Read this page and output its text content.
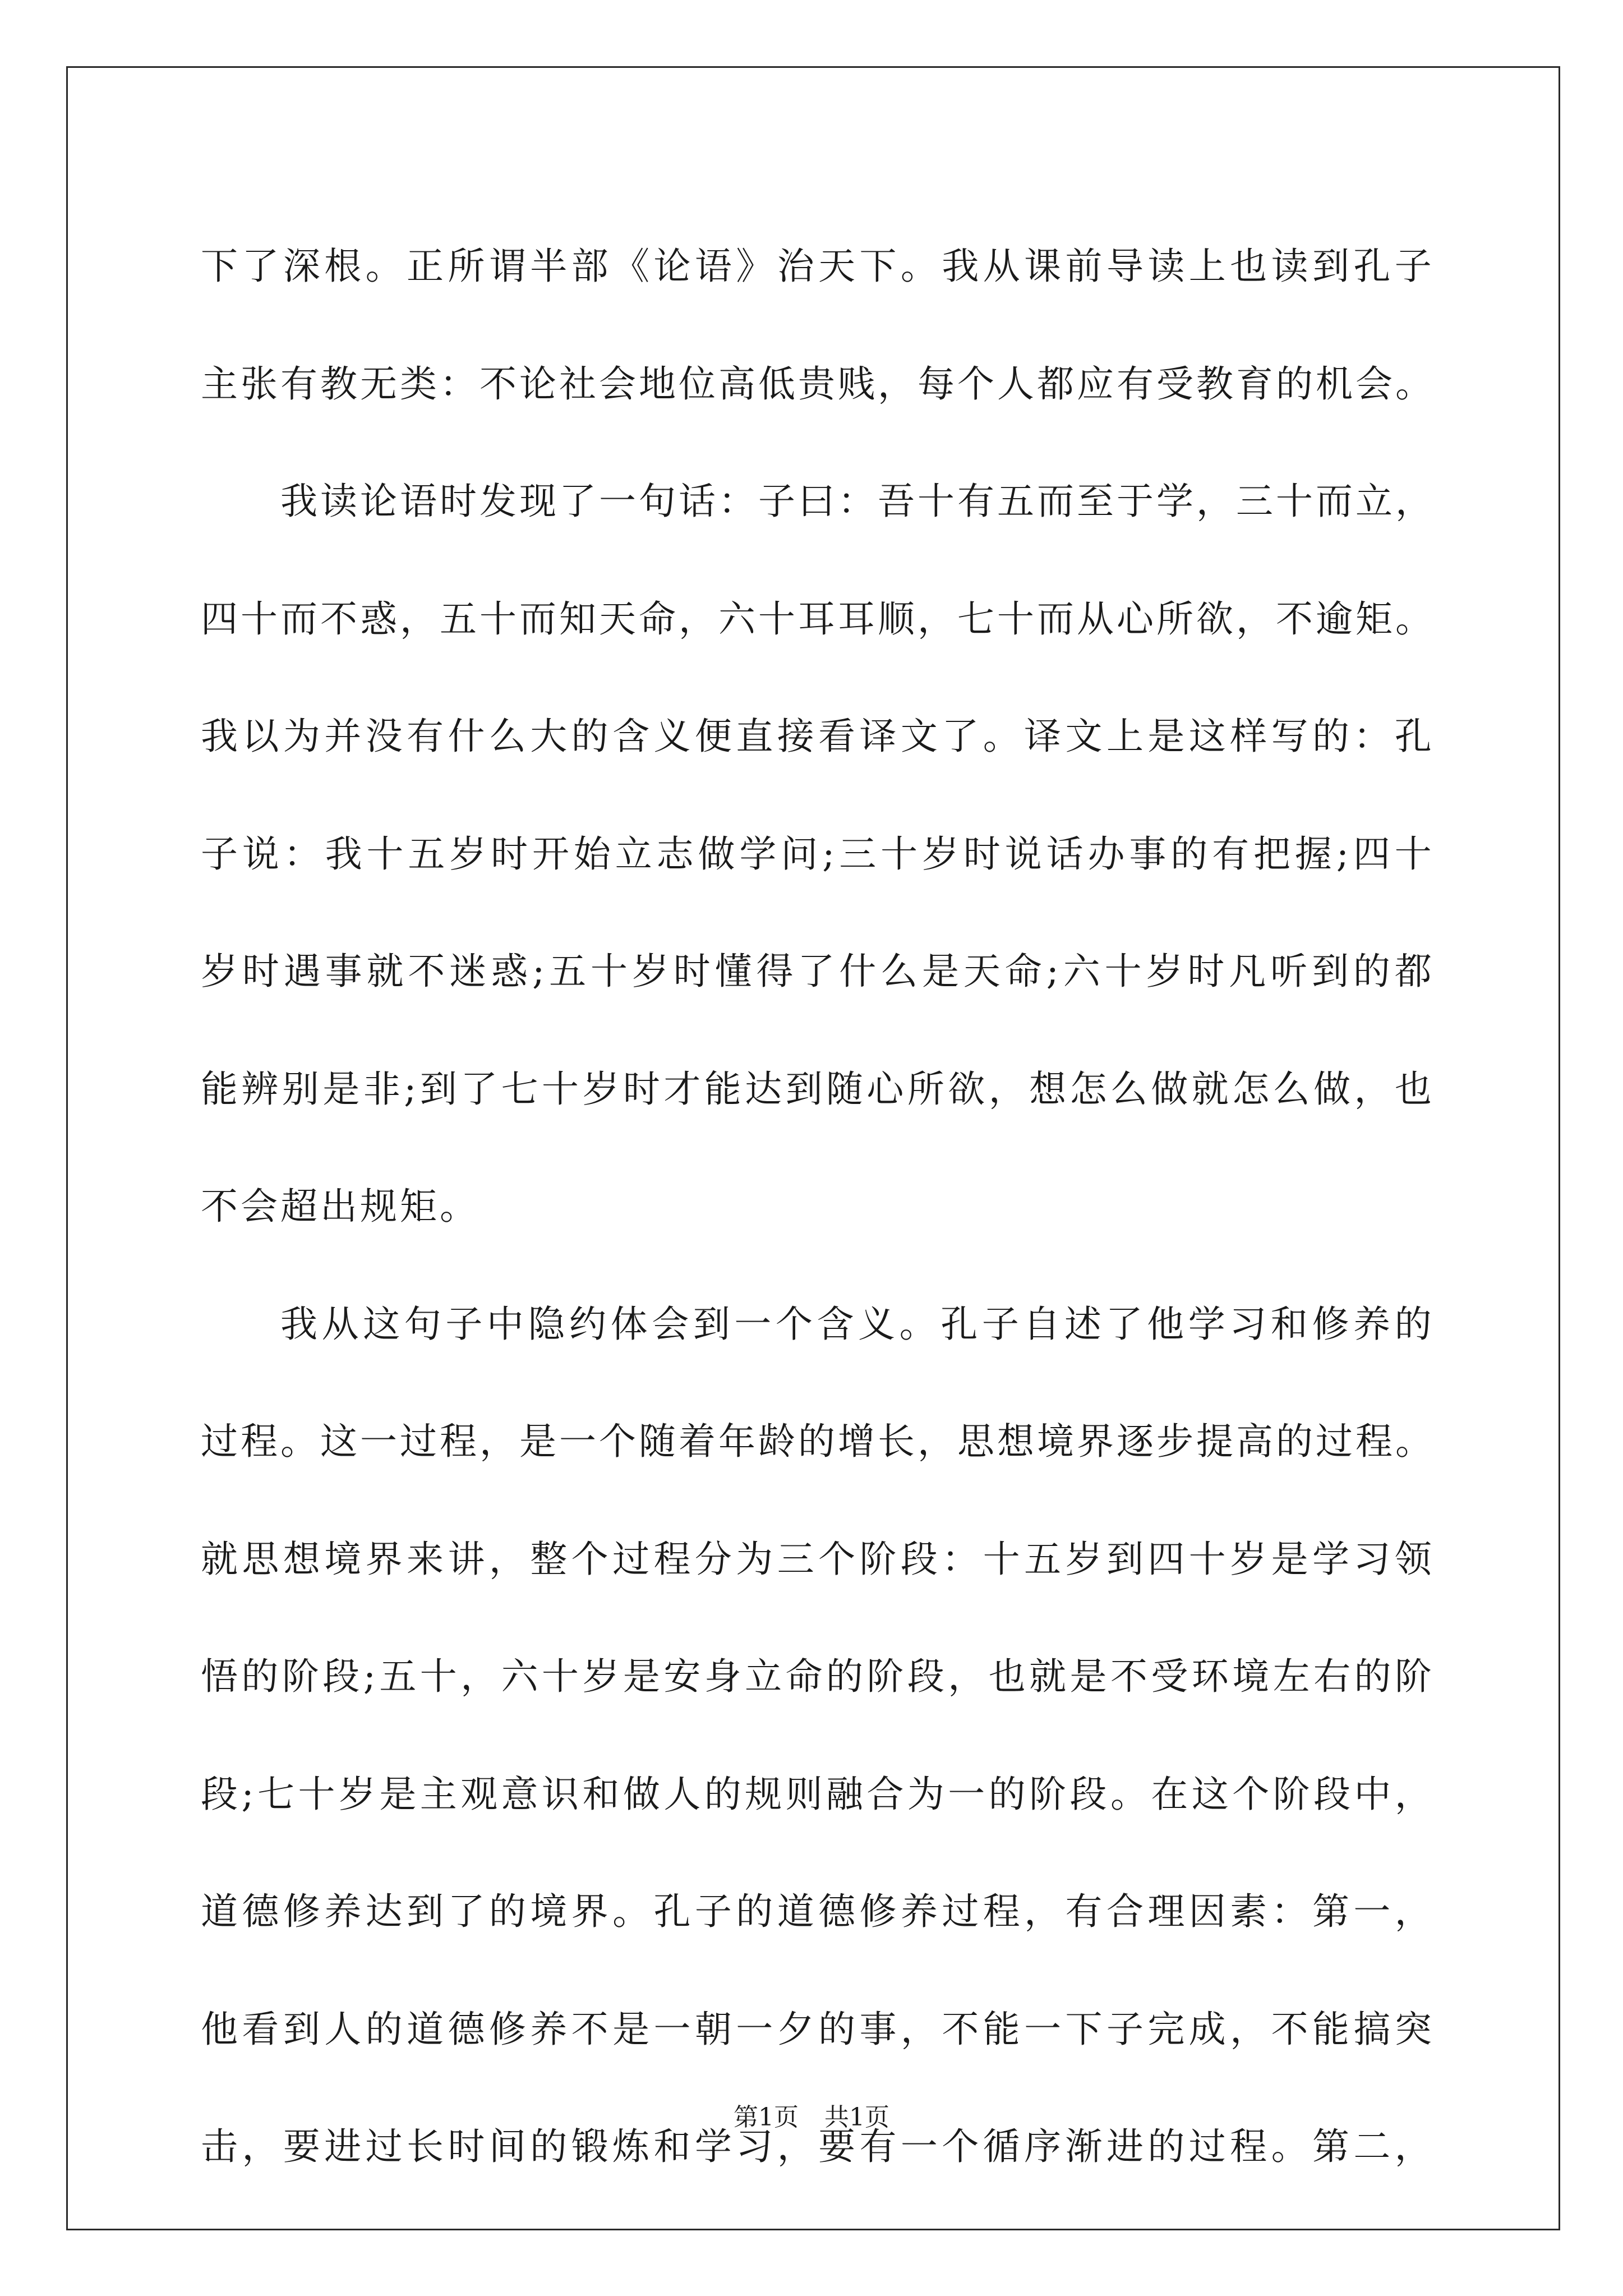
下 了 深 根 。 正 所 谓 半 部 《 论 语 》 治 天 下 。 我 从 课 前 导 读 上 也 读 到 孔 子
主 张 有 教 无 类 ： 不 论 社 会 地 位 高 低 贵 贱 ， 每 个 人 都 应 有 受 教 育 的 机 会 。
我 读 论 语 时 发 现 了 一 句 话 ： 子 曰 ： 吾 十 有 五 而 至 于 学 ， 三 十 而 立 ，
四 十 而 不 惑 ， 五 十 而 知 天 命 ， 六 十 耳 耳 顺 ， 七 十 而 从 心 所 欲 ， 不 逾 矩 。
我 以 为 并 没 有 什 么 大 的 含 义 便 直 接 看 译 文 了 。 译 文 上 是 这 样 写 的 ： 孔
子 说 ： 我 十 五 岁 时 开 始 立 志 做 学 问 ; 三 十 岁 时 说 话 办 事 的 有 把 握 ; 四 十
岁 时 遇 事 就 不 迷 惑 ; 五 十 岁 时 懂 得 了 什 么 是 天 命 ; 六 十 岁 时 凡 听 到 的 都
能 辨 别 是 非 ; 到 了 七 十 岁 时 才 能 达 到 随 心 所 欲 ， 想 怎 么 做 就 怎 么 做 ， 也
不会超出规矩。
我 从 这 句 子 中 隐 约 体 会 到 一 个 含 义 。 孔 子 自 述 了 他 学 习 和 修 养 的
过 程 。 这 一 过 程 ， 是 一 个 随 着 年 龄 的 增 长 ， 思 想 境 界 逐 步 提 高 的 过 程 。
就 思 想 境 界 来 讲 ， 整 个 过 程 分 为 三 个 阶 段 ： 十 五 岁 到 四 十 岁 是 学 习 领
悟 的 阶 段 ; 五 十 ， 六 十 岁 是 安 身 立 命 的 阶 段 ， 也 就 是 不 受 环 境 左 右 的 阶
段 ; 七 十 岁 是 主 观 意 识 和 做 人 的 规 则 融 合 为 一 的 阶 段 。 在 这 个 阶 段 中 ，
道 德 修 养 达 到 了 的 境 界 。 孔 子 的 道 德 修 养 过 程 ， 有 合 理 因 素 ： 第 一 ，
他 看 到 人 的 道 德 修 养 不 是 一 朝 一 夕 的 事 ， 不 能 一 下 子 完 成 ， 不 能 搞 突
击 ， 要 进 过 长 时 间 的 锻 炼 和 学 习 ， 要 有 一 个 循 序 渐 进 的 过 程 。 第 二 ，
第1页 共1页
